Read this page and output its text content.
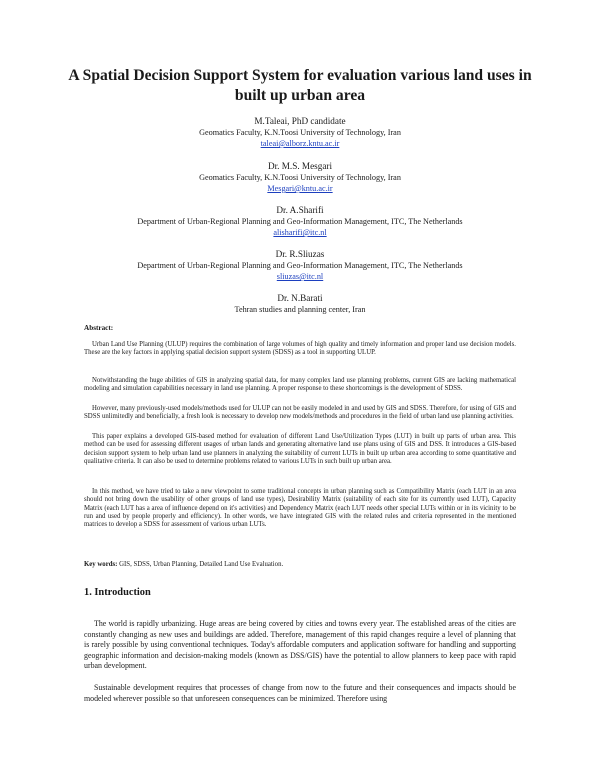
A Spatial Decision Support System for evaluation various land uses in built up urban area
M.Taleai, PhD candidate
Geomatics Faculty, K.N.Toosi University of Technology, Iran
taleai@alborz.kntu.ac.ir
Dr. M.S. Mesgari
Geomatics Faculty, K.N.Toosi University of Technology, Iran
Mesgari@kntu.ac.ir
Dr. A.Sharifi
Department of Urban-Regional Planning and Geo-Information Management, ITC, The Netherlands
alisharifi@itc.nl
Dr. R.Sliuzas
Department of Urban-Regional Planning and Geo-Information Management, ITC, The Netherlands
sliuzas@itc.nl
Dr. N.Barati
Tehran studies and planning center, Iran
Abstract:

Urban Land Use Planning (ULUP) requires the combination of large volumes of high quality and timely information and proper land use decision models. These are the key factors in applying spatial decision support system (SDSS) as a tool in supporting ULUP.

Notwithstanding the huge abilities of GIS in analyzing spatial data, for many complex land use planning problems, current GIS are lacking mathematical modeling and simulation capabilities necessary in land use planning. A proper response to these shortcomings is the development of SDSS.

However, many previously-used models/methods used for ULUP can not be easily modeled in and used by GIS and SDSS. Therefore, for using of GIS and SDSS unlimitedly and beneficially, a fresh look is necessary to develop new models/methods and procedures in the field of urban land use planning activities.

This paper explains a developed GIS-based method for evaluation of different Land Use/Utilization Types (LUT) in built up parts of urban area. This method can be used for assessing different usages of urban lands and generating alternative land use plans using of GIS and DSS. It introduces a GIS-based decision support system to help urban land use planners in analyzing the suitability of current LUTs in built up urban area according to some quantitative and qualitative criteria. It can also be used to determine problems related to various LUTs in such built up urban area.

In this method, we have tried to take a new viewpoint to some traditional concepts in urban planning such as Compatibility Matrix (each LUT in an area should not bring down the usability of other groups of land use types), Desirability Matrix (suitability of each site for its currently used LUT), Capacity Matrix (each LUT has a area of influence depend on it's activities) and Dependency Matrix (each LUT needs other special LUTs within or in its vicinity to be run and used by people properly and efficiency). In other words, we have integrated GIS with the related rules and criteria represented in the mentioned matrices to develop a SDSS for assessment of various urban LUTs.

Key words: GIS, SDSS, Urban Planning, Detailed Land Use Evaluation.
1. Introduction

The world is rapidly urbanizing. Huge areas are being covered by cities and towns every year. The established areas of the cities are constantly changing as new uses and buildings are added. Therefore, management of this rapid changes require a level of planning that is rarely possible by using conventional techniques. Today's affordable computers and application software for handling and supporting geographic information and decision-making models (known as DSS/GIS) have the potential to allow planners to keep pace with rapid urban development.

Sustainable development requires that processes of change from now to the future and their consequences and impacts should be modeled wherever possible so that unforeseen consequences can be minimized. Therefore using
